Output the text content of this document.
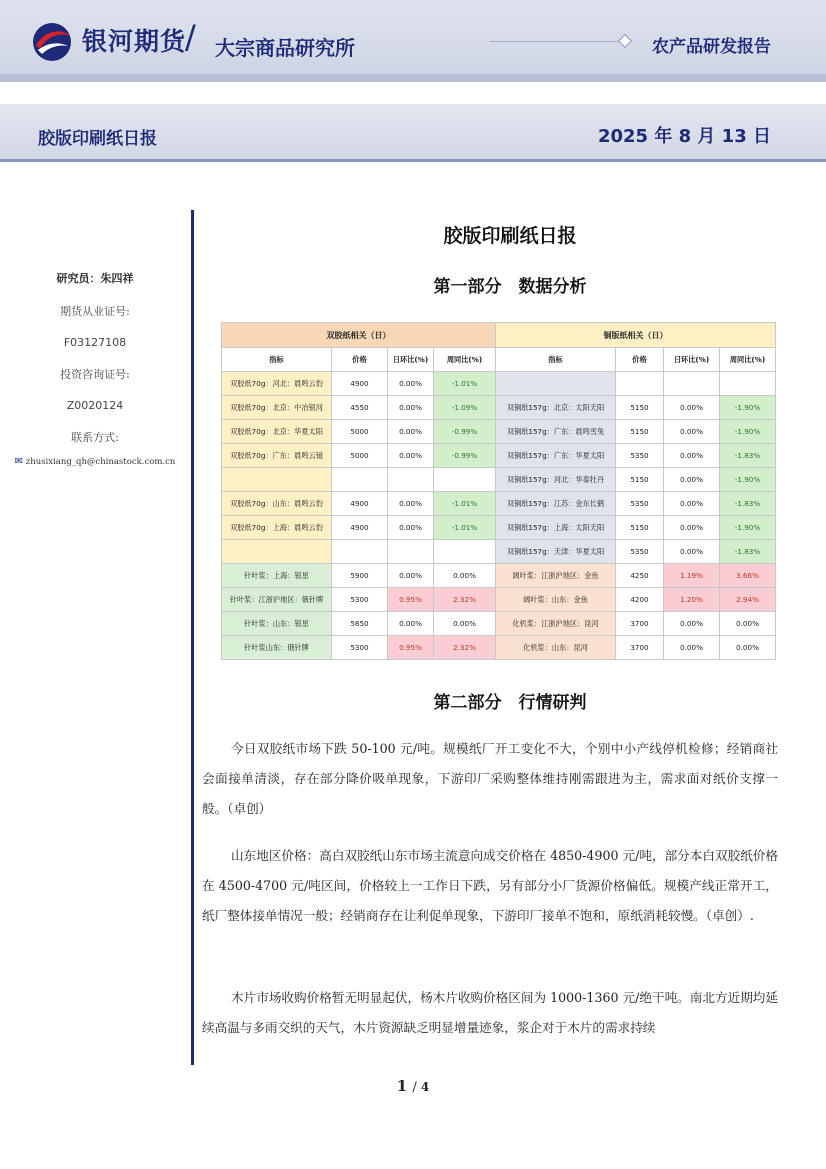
银河期货
/ 大宗商品研究所	农产品研发报告
胶版印刷纸日报	2025 年 8 月 13 日
研究员：朱四祥
期货从业证号:
F03127108
投资咨询证号:
Z0020124
联系方式:
✉ zhusixiang_qh@chinastock.com.cn
胶版印刷纸日报
第一部分　数据分析
双胶纸相关（日）				铜版纸相关（日）			
指标	价格	日环比(%)	周同比(%)	指标	价格	日环比(%)	周同比(%)
双胶纸70g：河北：晨鸣云豹	4900	0.00%	-1.01%				
双胶纸70g：北京：中冶银河	4550	0.00%	-1.09%	双铜纸157g：北京：太阳天阳	5150	0.00%	-1.90%
双胶纸70g：北京：华夏太阳	5000	0.00%	-0.99%	双铜纸157g：广东：晨鸣雪兔	5150	0.00%	-1.90%
双胶纸70g：广东：晨鸣云镜	5000	0.00%	-0.99%	双铜纸157g：广东：华夏太阳	5350	0.00%	-1.83%
				双铜纸157g：河北：华泰牡丹	5150	0.00%	-1.90%
双胶纸70g：山东：晨鸣云豹	4900	0.00%	-1.01%	双铜纸157g：江苏：金东长鹤	5350	0.00%	-1.83%
双胶纸70g：上海：晨鸣云豹	4900	0.00%	-1.01%	双铜纸157g：上海：太阳天阳	5150	0.00%	-1.90%
				双铜纸157g：天津：华夏太阳	5350	0.00%	-1.83%
针叶浆：上海：银星	5900	0.00%	0.00%	阔叶浆：江浙沪地区：金鱼	4250	1.19%	3.66%
针叶浆：江浙沪地区：俄针牌	5300	0.95%	2.32%	阔叶浆：山东：金鱼	4200	1.20%	2.94%
针叶浆：山东：银星	5850	0.00%	0.00%	化机浆：江浙沪地区：昆河	3700	0.00%	0.00%
针叶浆山东：俄针牌	5300	0.95%	2.32%	化机浆：山东：昆河	3700	0.00%	0.00%
第二部分　行情研判
今日双胶纸市场下跌 50-100 元/吨。规模纸厂开工变化不大，个别中小产线停机检修；经销商社会面接单清淡，存在部分降价吸单现象，下游印厂采购整体维持刚需跟进为主，需求面对纸价支撑一般。（卓创）
山东地区价格：高白双胶纸山东市场主流意向成交价格在 4850-4900 元/吨，部分本白双胶纸价格在 4500-4700 元/吨区间，价格较上一工作日下跌，另有部分小厂货源价格偏低。规模产线正常开工，纸厂整体接单情况一般；经销商存在让利促单现象，下游印厂接单不饱和，原纸消耗较慢。（卓创）.
木片市场收购价格暂无明显起伏，杨木片收购价格区间为 1000-1360 元/绝干吨。南北方近期均延续高温与多雨交织的天气，木片资源缺乏明显增量迹象，浆企对于木片的需求持续
1 / 4
